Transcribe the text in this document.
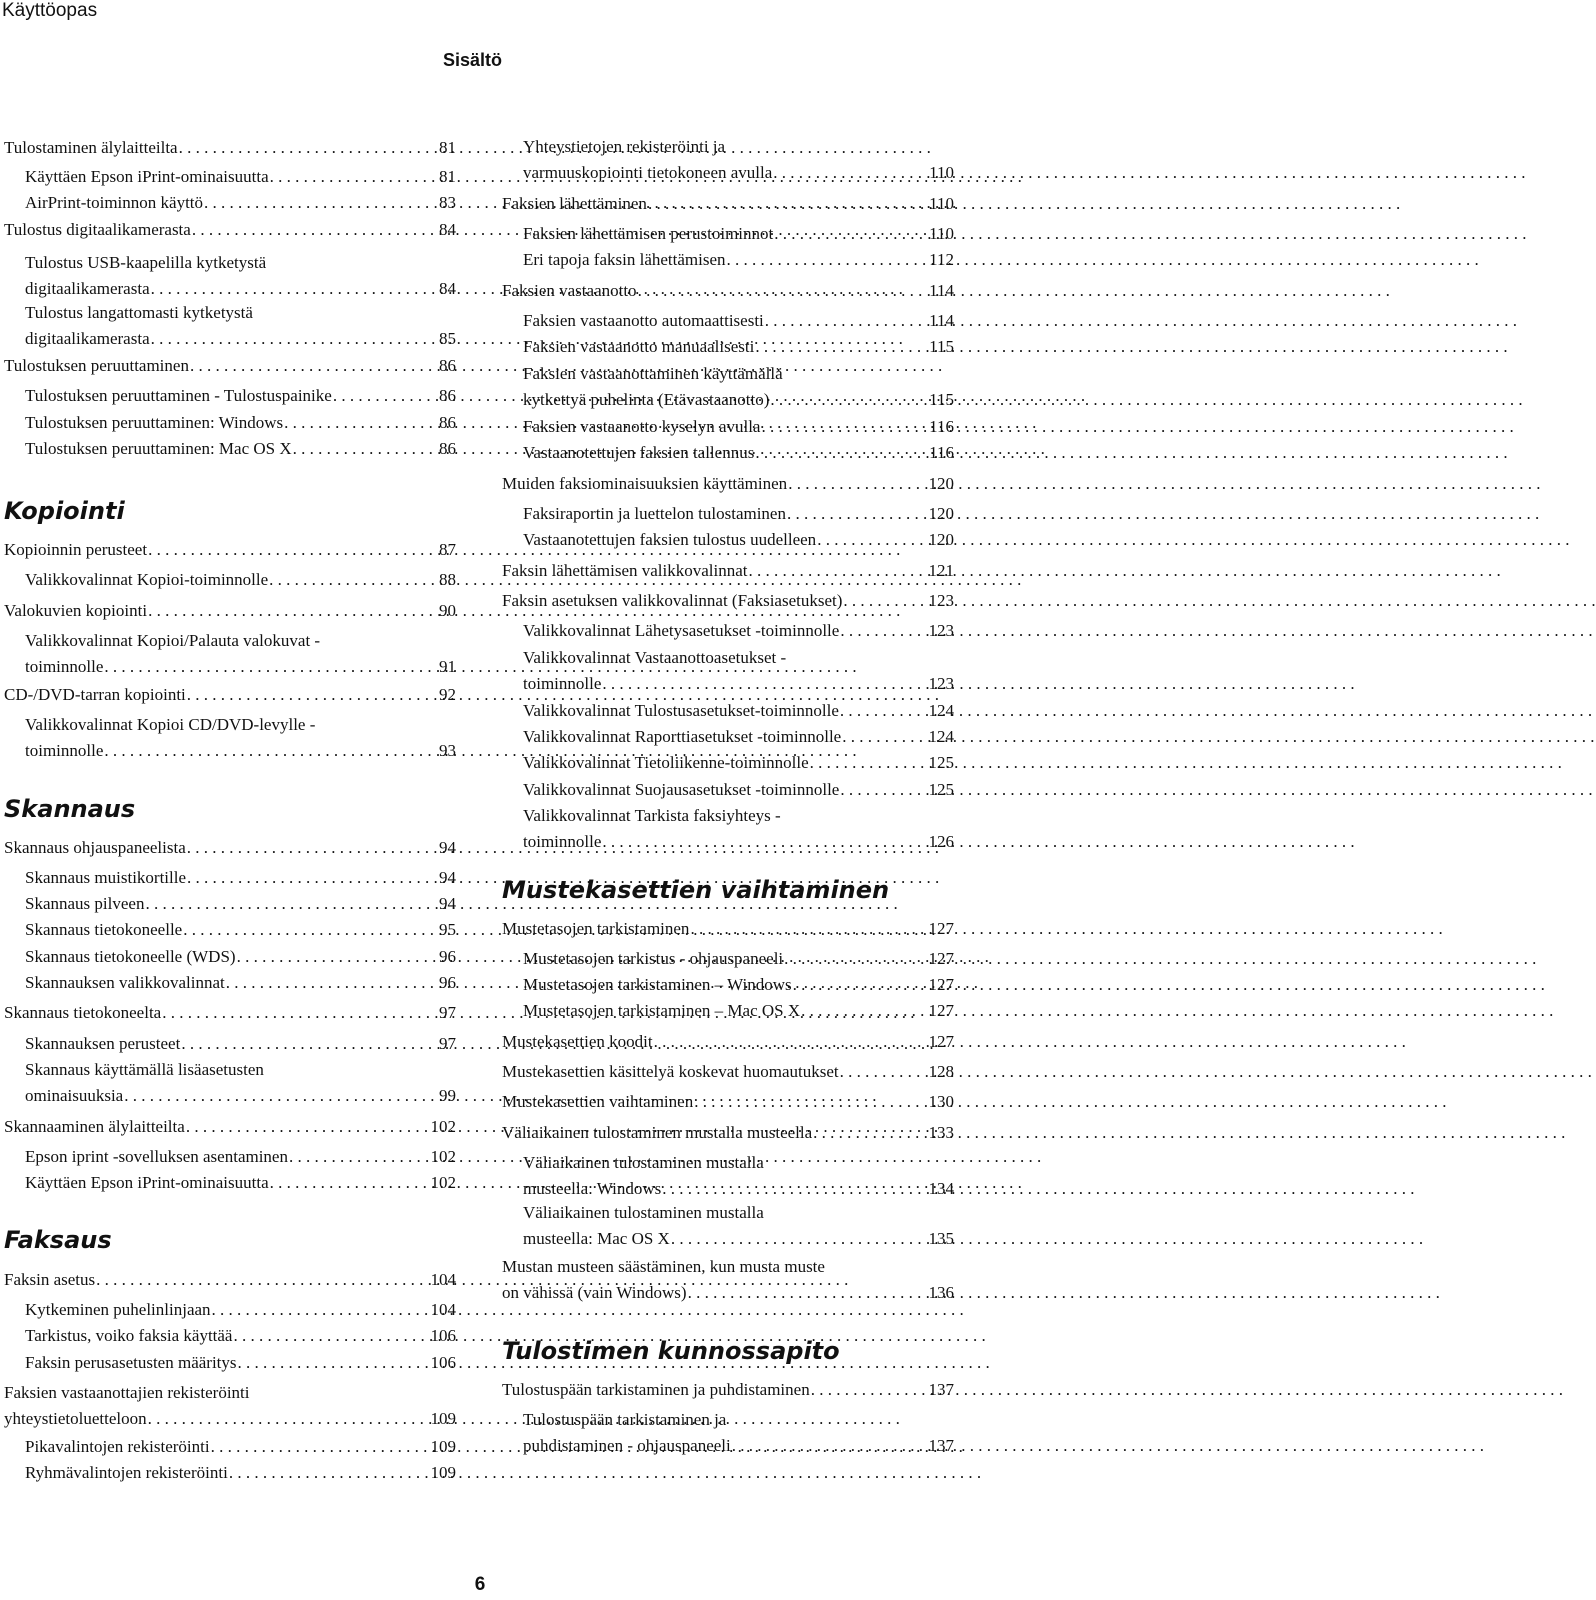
Käyttöopas
Sisältö
Tulostaminen älylaitteilta . . .	81
Käyttäen Epson iPrint-ominaisuutta . . .	81
AirPrint-toiminnon käyttö . . .	83
Tulostus digitaalikamerasta . . .	84
Tulostus USB-kaapelilla kytketystä
digitaalikamerasta . . .	84
Tulostus langattomasti kytketystä
digitaalikamerasta . . .	85
Tulostuksen peruuttaminen . . .	86
Tulostuksen peruuttaminen - Tulostuspainike . . .	86
Tulostuksen peruuttaminen: Windows . . .	86
Tulostuksen peruuttaminen: Mac OS X . . .	86
Kopioinnin perusteet . . .	87
Valikkovalinnat Kopioi-toiminnolle . . .	88
Valokuvien kopiointi . . .	90
Valikkovalinnat Kopioi/Palauta valokuvat -
toiminnolle . . .	91
CD-/DVD-tarran kopiointi . . .	92
Valikkovalinnat Kopioi CD/DVD-levylle -
toiminnolle . . .	93
Skannaus ohjauspaneelista . . .	94
Skannaus muistikortille . . .	94
Skannaus pilveen . . .	94
Skannaus tietokoneelle . . .	95
Skannaus tietokoneelle (WDS) . . .	96
Skannauksen valikkovalinnat . . .	96
Skannaus tietokoneelta . . .	97
Skannauksen perusteet . . .	97
Skannaus käyttämällä lisäasetusten
ominaisuuksia . . .	99
Skannaaminen älylaitteilta . . .	102
Epson iprint -sovelluksen asentaminen . . .	102
Käyttäen Epson iPrint-ominaisuutta . . .	102
Faksin asetus . . .	104
Kytkeminen puhelinlinjaan . . .	104
Tarkistus, voiko faksia käyttää . . .	106
Faksin perusasetusten määritys . . .	106
Faksien vastaanottajien rekisteröinti
yhteystietoluetteloon . . .	109
Pikavalintojen rekisteröinti . . .	109
Ryhmävalintojen rekisteröinti . . .	109
Kopiointi
Skannaus
Faksaus
Yhteystietojen rekisteröinti ja
varmuuskopiointi tietokoneen avulla . . .	110
Faksien lähettäminen . . .	110
Faksien lähettämisen perustoiminnot . . .	110
Eri tapoja faksin lähettämisen . . .	112
Faksien vastaanotto . . .	114
Faksien vastaanotto automaattisesti . . .	114
Faksien vastaanotto manuaalisesti . . .	115
Faksien vastaanottaminen käyttämällä
kytkettyä puhelinta (Etävastaanotto) . . .	115
Faksien vastaanotto kyselyn avulla . . .	116
Vastaanotettujen faksien tallennus . . .	116
Muiden faksiominaisuuksien käyttäminen . . .	120
Faksiraportin ja luettelon tulostaminen . . .	120
Vastaanotettujen faksien tulostus uudelleen . . .	120
Faksin lähettämisen valikkovalinnat . . .	121
Faksin asetuksen valikkovalinnat (Faksiasetukset) . . .	123
Valikkovalinnat Lähetysasetukset -toiminnolle . . .	123
Valikkovalinnat Vastaanottoasetukset -
toiminnolle . . .	123
Valikkovalinnat Tulostusasetukset-toiminnolle . . .	124
Valikkovalinnat Raporttiasetukset -toiminnolle . . .	124
Valikkovalinnat Tietoliikenne-toiminnolle . . .	125
Valikkovalinnat Suojausasetukset -toiminnolle . . .	125
Valikkovalinnat Tarkista faksiyhteys -
toiminnolle . . .	126
Mustetasojen tarkistaminen . . .	127
Mustetasojen tarkistus - ohjauspaneeli . . .	127
Mustetasojen tarkistaminen – Windows . . .	127
Mustetasojen tarkistaminen – Mac OS X . . .	127
Mustekasettien koodit . . .	127
Mustekasettien käsittelyä koskevat huomautukset . . .	128
Mustekasettien vaihtaminen . . .	130
Väliaikainen tulostaminen mustalla musteella . . .	133
Väliaikainen tulostaminen mustalla
musteella: Windows . . .	134
Väliaikainen tulostaminen mustalla
musteella: Mac OS X . . .	135
Mustan musteen säästäminen, kun musta muste
on vähissä (vain Windows) . . .	136
Tulostuspään tarkistaminen ja puhdistaminen . . .	137
Tulostuspään tarkistaminen ja
puhdistaminen - ohjauspaneeli . . .	137
Mustekasettien vaihtaminen
Tulostimen kunnossapito
6
